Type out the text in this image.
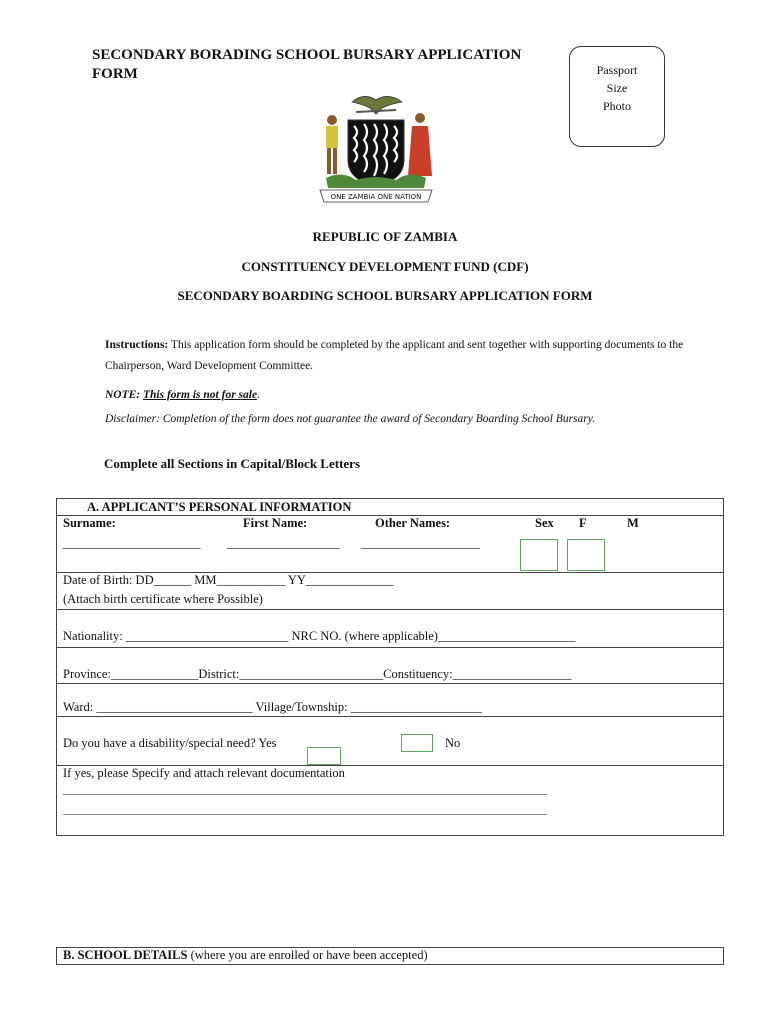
SECONDARY BORADING SCHOOL BURSARY APPLICATION FORM	Passport
Size
Photo
ONE ZAMBIA ONE NATION
REPUBLIC OF ZAMBIA
CONSTITUENCY DEVELOPMENT FUND (CDF)
SECONDARY BOARDING SCHOOL BURSARY APPLICATION FORM
Instructions: This application form should be completed by the applicant and sent together with supporting documents to the Chairperson, Ward Development Committee.
NOTE: This form is not for sale.
Disclaimer: Completion of the form does not guarantee the award of Secondary Boarding School Bursary.
Complete all Sections in Capital/Block Letters
A. APPLICANT’S PERSONAL INFORMATION
Surname:	First Name:	Other Names:	Sex F	M
______________________ __________________ ___________________
Date of Birth: DD______ MM___________ YY______________
(Attach birth certificate where Possible)
Nationality: __________________________ NRC NO. (where applicable)______________________
Province:______________District:_______________________Constituency:___________________
Ward: _________________________ Village/Township: _____________________
Do you have a disability/special need? Yes	No
If yes, please Specify and attach relevant documentation
________________________________________________________________________________________
________________________________________________________________________________________
B. SCHOOL DETAILS (where you are enrolled or have been accepted)
